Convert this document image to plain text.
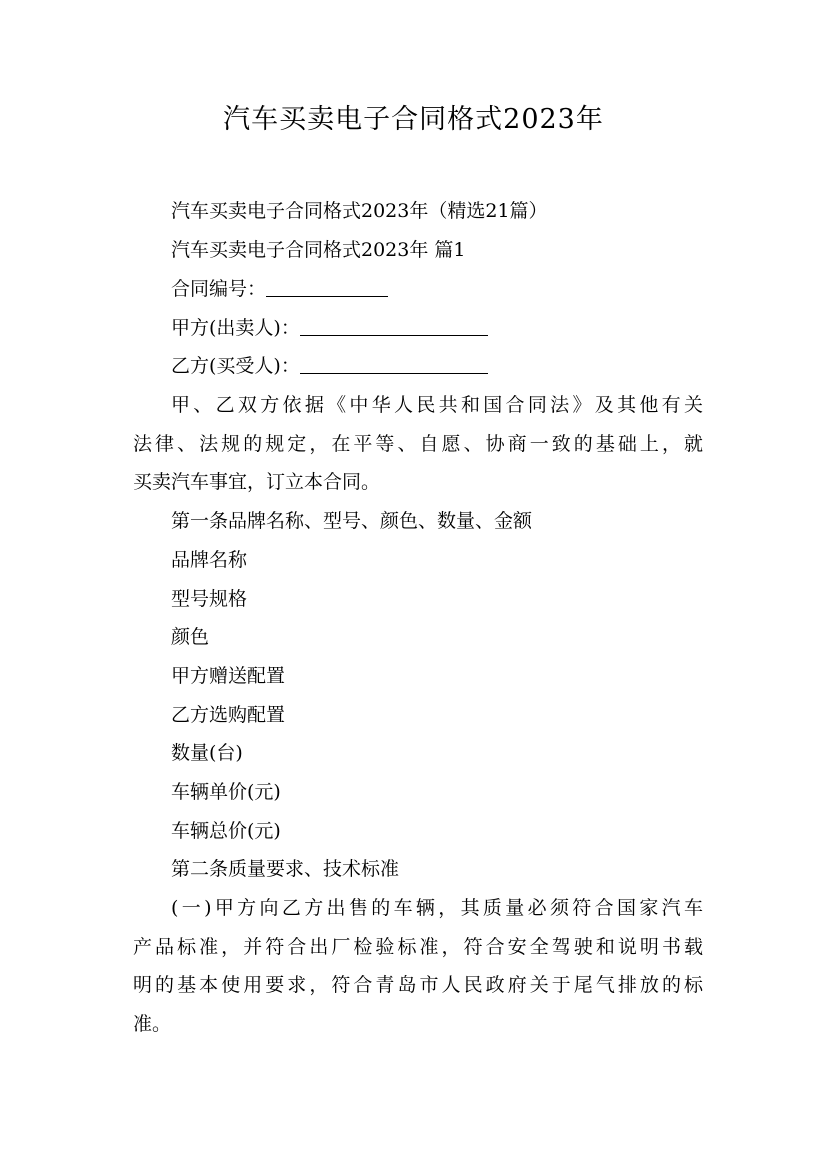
汽车买卖电子合同格式2023年
汽车买卖电子合同格式2023年（精选21篇）
汽车买卖电子合同格式2023年 篇1
合同编号：
甲方(出卖人)：
乙方(买受人)：
甲、乙双方依据《中华人民共和国合同法》及其他有关
法律、法规的规定，在平等、自愿、协商一致的基础上，就
买卖汽车事宜，订立本合同。
第一条品牌名称、型号、颜色、数量、金额
品牌名称
型号规格
颜色
甲方赠送配置
乙方选购配置
数量(台)
车辆单价(元)
车辆总价(元)
第二条质量要求、技术标准
(一)甲方向乙方出售的车辆，其质量必须符合国家汽车
产品标准，并符合出厂检验标准，符合安全驾驶和说明书载
明的基本使用要求，符合青岛市人民政府关于尾气排放的标
准。
